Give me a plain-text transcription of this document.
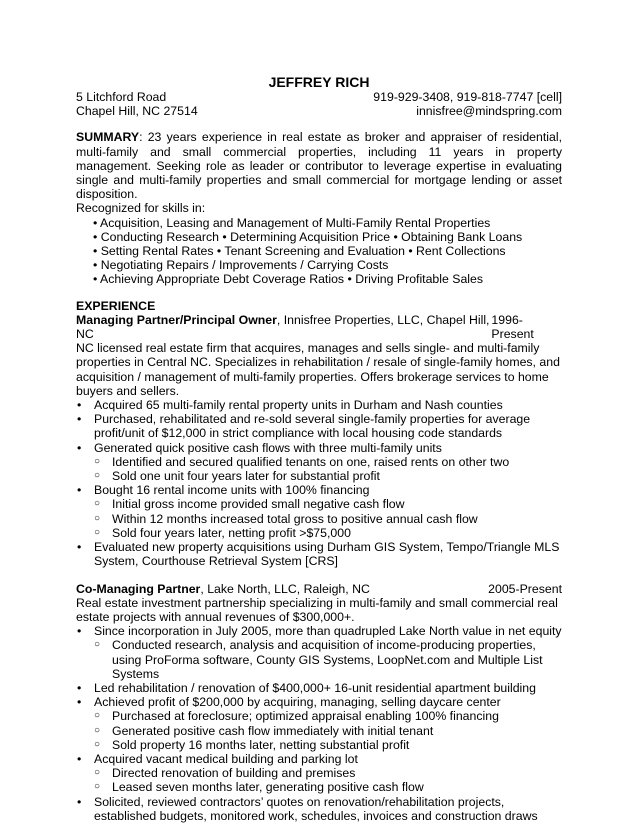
JEFFREY RICH
5 Litchford Road	919-929-3408, 919-818-7747 [cell]
Chapel Hill, NC 27514	innisfree@mindspring.com
SUMMARY: 23 years experience in real estate as broker and appraiser of residential, multi-family and small commercial properties, including 11 years in property management. Seeking role as leader or contributor to leverage expertise in evaluating single and multi-family properties and small commercial for mortgage lending or asset disposition.
Recognized for skills in:
• Acquisition, Leasing and Management of Multi-Family Rental Properties
• Conducting Research • Determining Acquisition Price • Obtaining Bank Loans
• Setting Rental Rates • Tenant Screening and Evaluation • Rent Collections
• Negotiating Repairs / Improvements / Carrying Costs
• Achieving Appropriate Debt Coverage Ratios • Driving Profitable Sales
EXPERIENCE
Managing Partner/Principal Owner, Innisfree Properties, LLC, Chapel Hill, NC
1996-Present
NC licensed real estate firm that acquires, manages and sells single- and multi-family properties in Central NC. Specializes in rehabilitation / resale of single-family homes, and acquisition / management of multi-family properties. Offers brokerage services to home buyers and sellers.
• Acquired 65 multi-family rental property units in Durham and Nash counties
• Purchased, rehabilitated and re-sold several single-family properties for average profit/unit of $12,000 in strict compliance with local housing code standards
• Generated quick positive cash flows with three multi-family units
○ Identified and secured qualified tenants on one, raised rents on other two
○ Sold one unit four years later for substantial profit
• Bought 16 rental income units with 100% financing
○ Initial gross income provided small negative cash flow
○ Within 12 months increased total gross to positive annual cash flow
○ Sold four years later, netting profit >$75,000
• Evaluated new property acquisitions using Durham GIS System, Tempo/Triangle MLS System, Courthouse Retrieval System [CRS]
Co-Managing Partner, Lake North, LLC, Raleigh, NC	2005-Present
Real estate investment partnership specializing in multi-family and small commercial real estate projects with annual revenues of $300,000+.
• Since incorporation in July 2005, more than quadrupled Lake North value in net equity
○ Conducted research, analysis and acquisition of income-producing properties, using ProForma software, County GIS Systems, LoopNet.com and Multiple List Systems
• Led rehabilitation / renovation of $400,000+ 16-unit residential apartment building
• Achieved profit of $200,000 by acquiring, managing, selling daycare center
○ Purchased at foreclosure; optimized appraisal enabling 100% financing
○ Generated positive cash flow immediately with initial tenant
○ Sold property 16 months later, netting substantial profit
• Acquired vacant medical building and parking lot
○ Directed renovation of building and premises
○ Leased seven months later, generating positive cash flow
• Solicited, reviewed contractors’ quotes on renovation/rehabilitation projects, established budgets, monitored work, schedules, invoices and construction draws
